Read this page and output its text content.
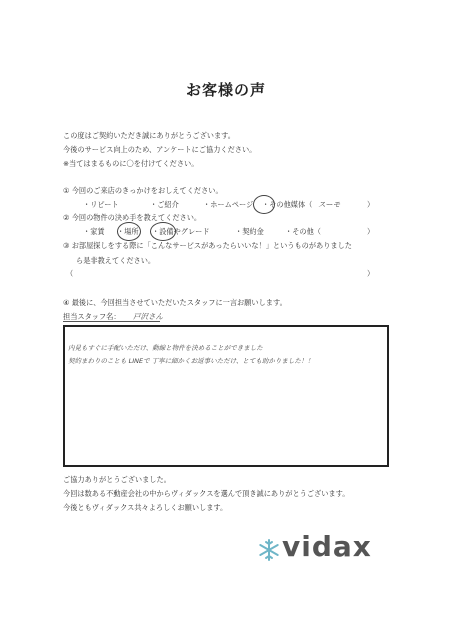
お客様の声
この度はご契約いただき誠にありがとうございます。
今後のサービス向上のため、アンケートにご協力ください。
※当てはまるものに〇を付けてください。
① 今回のご来店のきっかけをおしえてください。
・リピート	・ご紹介	・ホームページ ・その他媒体（ スーモ	）
② 今回の物件の決め手を教えてください。
・家賃 ・場所 ・設備やグレード	・契約金	・その他（	）
③ お部屋探しをする際に「こんなサービスがあったらいいな！」というものがありました
ら是非教えてください。
（	）
④ 最後に、今回担当させていただいたスタッフに一言お願いします。
担当スタッフ名： 戸沢さん
内見もすぐに手配いただけ、動線と物件を決めることができました
契約まわりのことも LINEで 丁寧に細かくお返事いただけ、とても助かりました！！
ご協力ありがとうございました。
今回は数ある不動産会社の中からヴィダックスを選んで頂き誠にありがとうございます。
今後ともヴィダックス共々よろしくお願いします。
vidax
